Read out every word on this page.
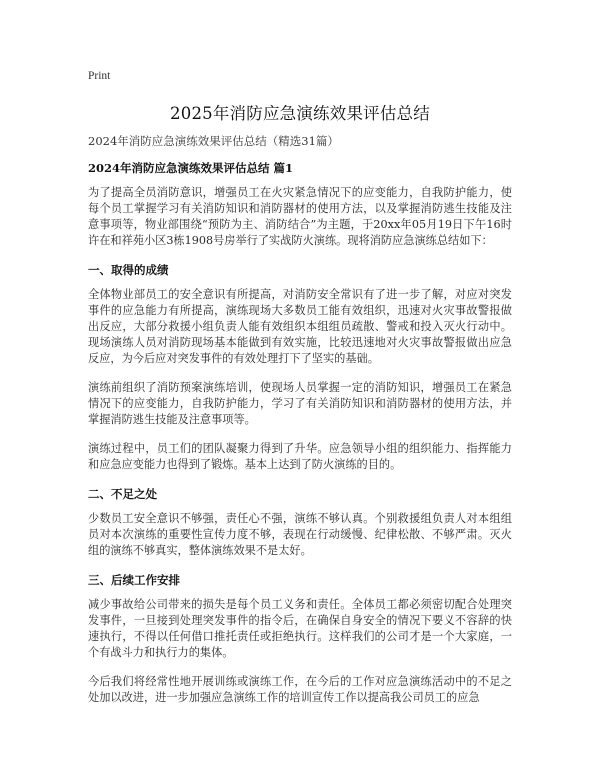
Print
2025年消防应急演练效果评估总结
2024年消防应急演练效果评估总结（精选31篇）

2024年消防应急演练效果评估总结 篇1

为了提高全员消防意识，增强员工在火灾紧急情况下的应变能力，自我防护能力，使每个员工掌握学习有关消防知识和消防器材的使用方法，以及掌握消防逃生技能及注意事项等，物业部围绕“预防为主、消防结合”为主题，于20xx年05月19日下午16时许在和祥苑小区3栋1908号房举行了实战防火演练。现将消防应急演练总结如下：

一、取得的成绩

全体物业部员工的安全意识有所提高，对消防安全常识有了进一步了解，对应对突发事件的应急能力有所提高，演练现场大多数员工能有效组织，迅速对火灾事故警报做出反应，大部分救援小组负责人能有效组织本组组员疏散、警戒和投入灭火行动中。现场演练人员对消防现场基本能做到有效实施，比较迅速地对火灾事故警报做出应急反应，为今后应对突发事件的有效处理打下了坚实的基础。

演练前组织了消防预案演练培训，使现场人员掌握一定的消防知识，增强员工在紧急情况下的应变能力，自我防护能力，学习了有关消防知识和消防器材的使用方法，并掌握消防逃生技能及注意事项等。

演练过程中，员工们的团队凝聚力得到了升华。应急领导小组的组织能力、指挥能力和应急应变能力也得到了锻炼。基本上达到了防火演练的目的。

二、不足之处

少数员工安全意识不够强，责任心不强，演练不够认真。个别救援组负责人对本组组员对本次演练的重要性宣传力度不够，表现在行动缓慢、纪律松散、不够严肃。灭火组的演练不够真实，整体演练效果不是太好。

三、后续工作安排

减少事故给公司带来的损失是每个员工义务和责任。全体员工都必须密切配合处理突发事件，一旦接到处理突发事件的指令后，在确保自身安全的情况下要义不容辞的快速执行，不得以任何借口推托责任或拒绝执行。这样我们的公司才是一个大家庭，一个有战斗力和执行力的集体。

今后我们将经常性地开展训练或演练工作，在今后的工作对应急演练活动中的不足之处加以改进，进一步加强应急演练工作的培训宣传工作以提高我公司员工的应急
